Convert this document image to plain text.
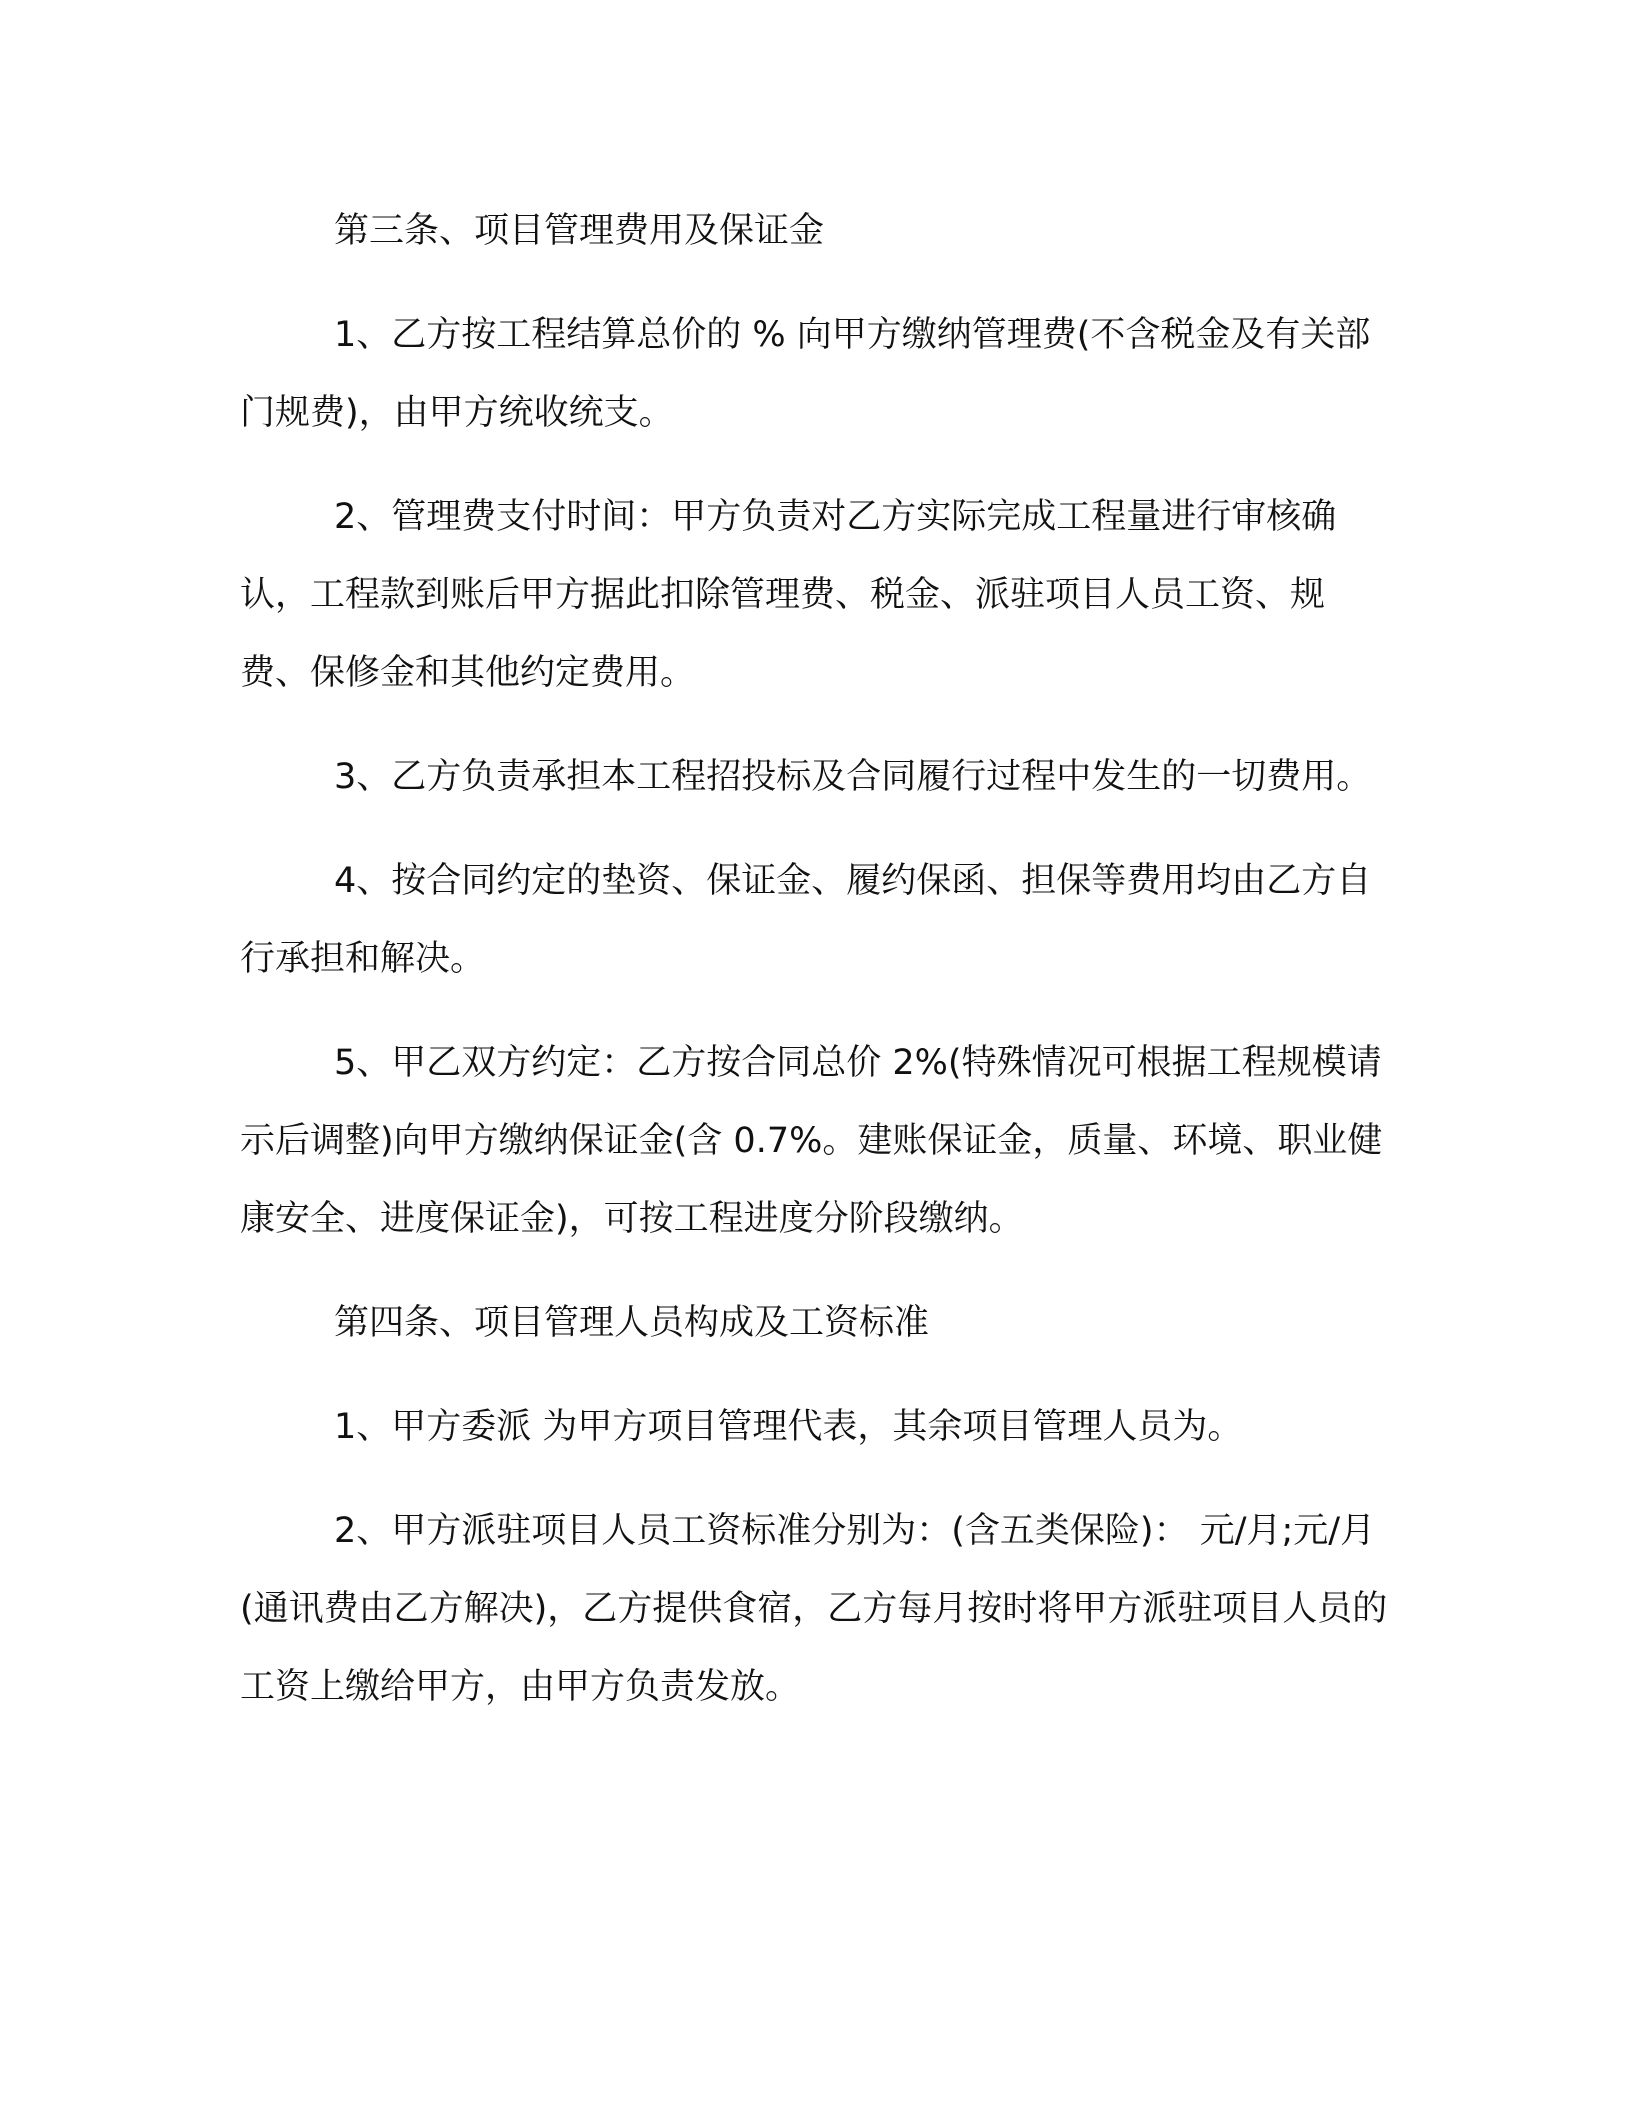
第三条、项目管理费用及保证金

1、乙方按工程结算总价的 % 向甲方缴纳管理费(不含税金及有关部门规费)，由甲方统收统支。

2、管理费支付时间：甲方负责对乙方实际完成工程量进行审核确认，工程款到账后甲方据此扣除管理费、税金、派驻项目人员工资、规费、保修金和其他约定费用。

3、乙方负责承担本工程招投标及合同履行过程中发生的一切费用。

4、按合同约定的垫资、保证金、履约保函、担保等费用均由乙方自行承担和解决。

5、甲乙双方约定：乙方按合同总价 2%(特殊情况可根据工程规模请示后调整)向甲方缴纳保证金(含 0.7%。建账保证金，质量、环境、职业健康安全、进度保证金)，可按工程进度分阶段缴纳。

第四条、项目管理人员构成及工资标准

1、甲方委派 为甲方项目管理代表，其余项目管理人员为。

2、甲方派驻项目人员工资标准分别为：(含五类保险)： 元/月;元/月(通讯费由乙方解决)，乙方提供食宿，乙方每月按时将甲方派驻项目人员的工资上缴给甲方，由甲方负责发放。
